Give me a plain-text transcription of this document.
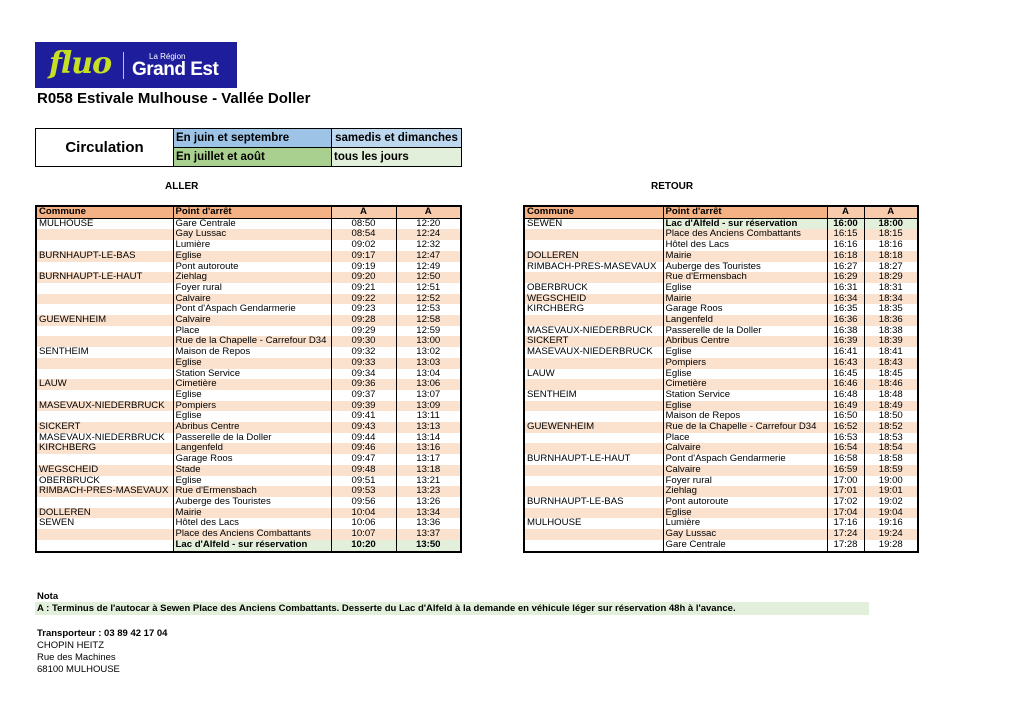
fluo	La Région
Grand Est
R058 Estivale Mulhouse - Vallée Doller
Circulation	En juin et septembre	samedis et dimanches
	En juillet et août	tous les jours
ALLER	RETOUR
Commune	Point d'arrêt	A	A
MULHOUSE	Gare Centrale	08:50	12:20
	Gay Lussac	08:54	12:24
	Lumière	09:02	12:32
BURNHAUPT-LE-BAS	Eglise	09:17	12:47
	Pont autoroute	09:19	12:49
BURNHAUPT-LE-HAUT	Ziehlag	09:20	12:50
	Foyer rural	09:21	12:51
	Calvaire	09:22	12:52
	Pont d'Aspach Gendarmerie	09:23	12:53
GUEWENHEIM	Calvaire	09:28	12:58
	Place	09:29	12:59
	Rue de la Chapelle - Carrefour D34	09:30	13:00
SENTHEIM	Maison de Repos	09:32	13:02
	Eglise	09:33	13:03
	Station Service	09:34	13:04
LAUW	Cimetière	09:36	13:06
	Eglise	09:37	13:07
MASEVAUX-NIEDERBRUCK	Pompiers	09:39	13:09
	Église	09:41	13:11
SICKERT	Abribus Centre	09:43	13:13
MASEVAUX-NIEDERBRUCK	Passerelle de la Doller	09:44	13:14
KIRCHBERG	Langenfeld	09:46	13:16
	Garage Roos	09:47	13:17
WEGSCHEID	Stade	09:48	13:18
OBERBRUCK	Eglise	09:51	13:21
RIMBACH-PRES-MASEVAUX	Rue d'Ermensbach	09:53	13:23
	Auberge des Touristes	09:56	13:26
DOLLEREN	Mairie	10:04	13:34
SEWEN	Hôtel des Lacs	10:06	13:36
	Place des Anciens Combattants	10:07	13:37
	Lac d'Alfeld - sur réservation	10:20	13:50
Commune	Point d'arrêt	A	A
SEWEN	Lac d'Alfeld - sur réservation	16:00	18:00
	Place des Anciens Combattants	16:15	18:15
	Hôtel des Lacs	16:16	18:16
DOLLEREN	Mairie	16:18	18:18
RIMBACH-PRES-MASEVAUX	Auberge des Touristes	16:27	18:27
	Rue d'Ermensbach	16:29	18:29
OBERBRUCK	Eglise	16:31	18:31
WEGSCHEID	Mairie	16:34	18:34
KIRCHBERG	Garage Roos	16:35	18:35
	Langenfeld	16:36	18:36
MASEVAUX-NIEDERBRUCK	Passerelle de la Doller	16:38	18:38
SICKERT	Abribus Centre	16:39	18:39
MASEVAUX-NIEDERBRUCK	Église	16:41	18:41
	Pompiers	16:43	18:43
LAUW	Eglise	16:45	18:45
	Cimetière	16:46	18:46
SENTHEIM	Station Service	16:48	18:48
	Eglise	16:49	18:49
	Maison de Repos	16:50	18:50
GUEWENHEIM	Rue de la Chapelle - Carrefour D34	16:52	18:52
	Place	16:53	18:53
	Calvaire	16:54	18:54
BURNHAUPT-LE-HAUT	Pont d'Aspach Gendarmerie	16:58	18:58
	Calvaire	16:59	18:59
	Foyer rural	17:00	19:00
	Ziehlag	17:01	19:01
BURNHAUPT-LE-BAS	Pont autoroute	17:02	19:02
	Eglise	17:04	19:04
MULHOUSE	Lumière	17:16	19:16
	Gay Lussac	17:24	19:24
	Gare Centrale	17:28	19:28
Nota
A : Terminus de l'autocar à Sewen Place des Anciens Combattants. Desserte du Lac d'Alfeld à la demande en véhicule léger sur réservation 48h à l'avance.
Transporteur : 03 89 42 17 04
CHOPIN HEITZ
Rue des Machines
68100 MULHOUSE
